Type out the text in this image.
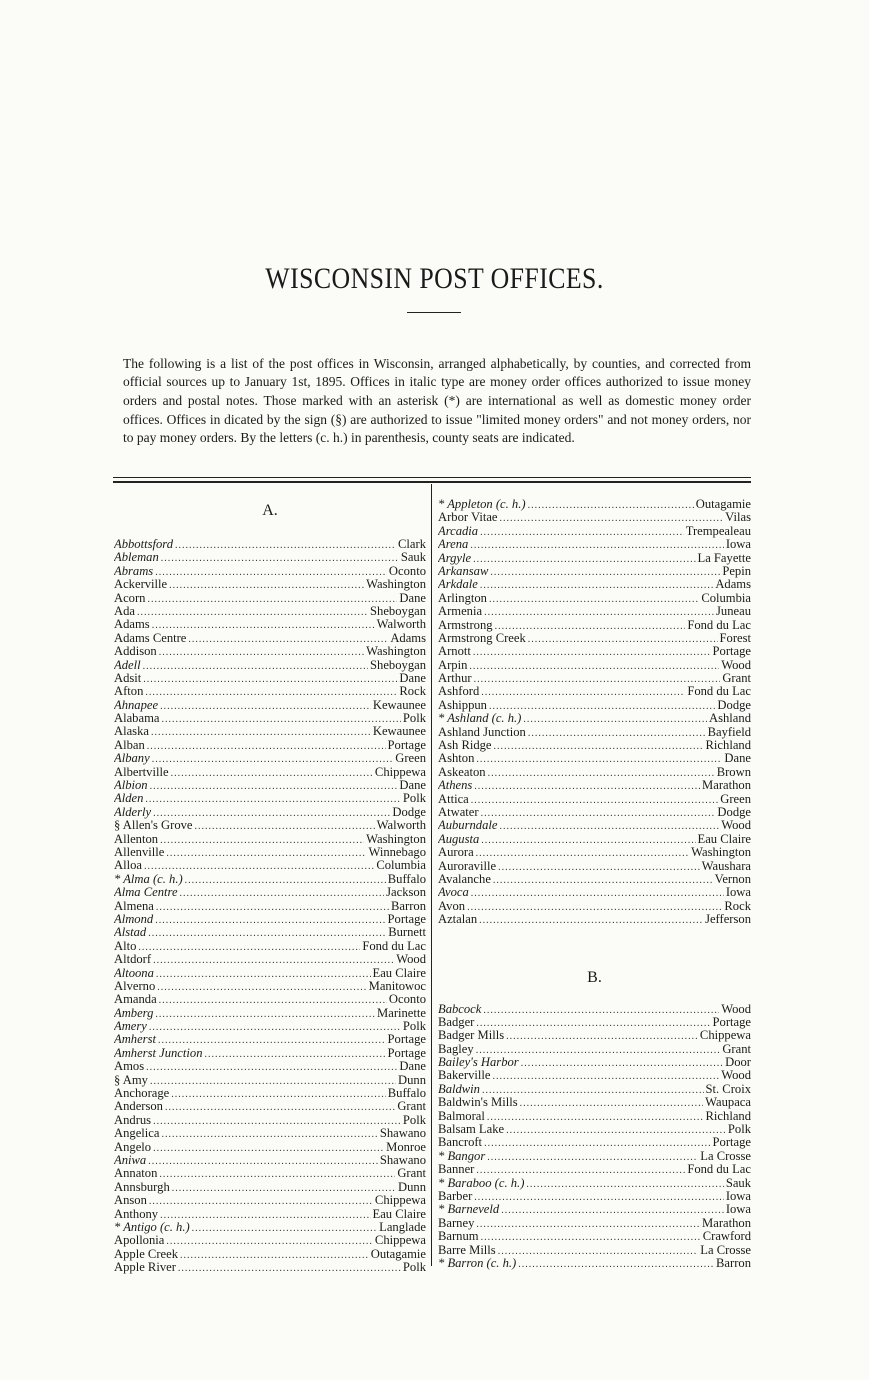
WISCONSIN POST OFFICES.

The following is a list of the post offices in Wisconsin, arranged alphabetically, by counties, and corrected from official sources up to January 1st, 1895. Offices in italic type are money order offices authorized to issue money orders and postal notes. Those marked with an asterisk (*) are international as well as domestic money order offices. Offices in dicated by the sign (§) are authorized to issue "limited money orders" and not money orders, nor to pay money orders. By the letters (c. h.) in parenthesis, county seats are indicated.

A.
Abbottsford .....	Clark
Ableman .....	Sauk
Abrams .....	Oconto
Ackerville .....	Washington
Acorn .....	Dane
Ada .....	Sheboygan
Adams .....	Walworth
Adams Centre .....	Adams
Addison .....	Washington
Adell .....	Sheboygan
Adsit .....	Dane
Afton .....	Rock
Ahnapee .....	Kewaunee
Alabama .....	Polk
Alaska .....	Kewaunee
Alban .....	Portage
Albany .....	Green
Albertville .....	Chippewa
Albion .....	Dane
Alden .....	Polk
Alderly .....	Dodge
§ Allen's Grove .....	Walworth
Allenton .....	Washington
Allenville .....	Winnebago
Alloa .....	Columbia
* Alma (c. h.) .....	Buffalo
Alma Centre .....	Jackson
Almena .....	Barron
Almond .....	Portage
Alstad .....	Burnett
Alto .....	Fond du Lac
Altdorf .....	Wood
Altoona .....	Eau Claire
Alverno .....	Manitowoc
Amanda .....	Oconto
Amberg .....	Marinette
Amery .....	Polk
Amherst .....	Portage
Amherst Junction .....	Portage
Amos .....	Dane
§ Amy .....	Dunn
Anchorage .....	Buffalo
Anderson .....	Grant
Andrus .....	Polk
Angelica .....	Shawano
Angelo .....	Monroe
Aniwa .....	Shawano
Annaton .....	Grant
Annsburgh .....	Dunn
Anson .....	Chippewa
Anthony .....	Eau Claire
* Antigo (c. h.) .....	Langlade
Apollonia .....	Chippewa
Apple Creek .....	Outagamie
Apple River .....	Polk
* Appleton (c. h.) .....	Outagamie
Arbor Vitae .....	Vilas
Arcadia .....	Trempealeau
Arena .....	Iowa
Argyle .....	La Fayette
Arkansaw .....	Pepin
Arkdale .....	Adams
Arlington .....	Columbia
Armenia .....	Juneau
Armstrong .....	Fond du Lac
Armstrong Creek .....	Forest
Arnott .....	Portage
Arpin .....	Wood
Arthur .....	Grant
Ashford .....	Fond du Lac
Ashippun .....	Dodge
* Ashland (c. h.) .....	Ashland
Ashland Junction .....	Bayfield
Ash Ridge .....	Richland
Ashton .....	Dane
Askeaton .....	Brown
Athens .....	Marathon
Attica .....	Green
Atwater .....	Dodge
Auburndale .....	Wood
Augusta .....	Eau Claire
Aurora .....	Washington
Auroraville .....	Waushara
Avalanche .....	Vernon
Avoca .....	Iowa
Avon .....	Rock
Aztalan .....	Jefferson
B.
Babcock .....	Wood
Badger .....	Portage
Badger Mills .....	Chippewa
Bagley .....	Grant
Bailey's Harbor .....	Door
Bakerville .....	Wood
Baldwin .....	St. Croix
Baldwin's Mills .....	Waupaca
Balmoral .....	Richland
Balsam Lake .....	Polk
Bancroft .....	Portage
* Bangor .....	La Crosse
Banner .....	Fond du Lac
* Baraboo (c. h.) .....	Sauk
Barber .....	Iowa
* Barneveld .....	Iowa
Barney .....	Marathon
Barnum .....	Crawford
Barre Mills .....	La Crosse
* Barron (c. h.) .....	Barron
